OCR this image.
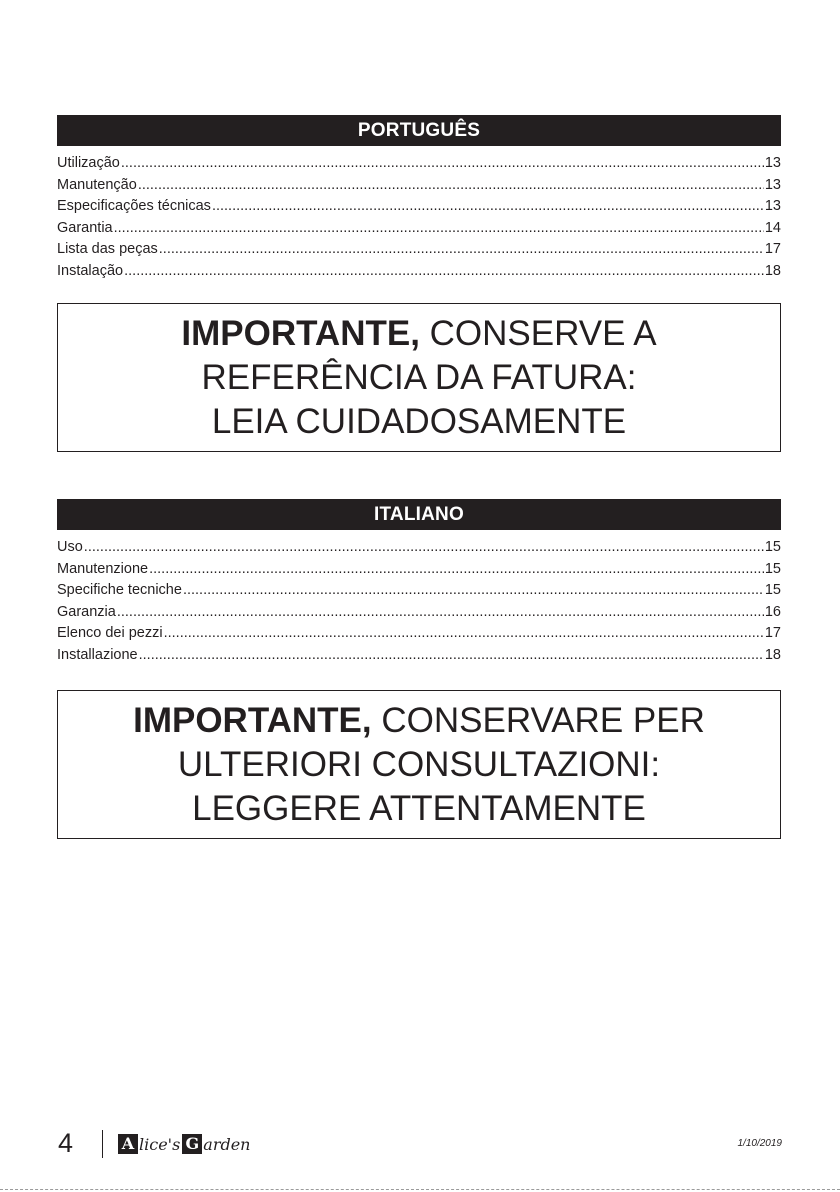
PORTUGUÊS
Utilização .....	13
Manutenção .....	13
Especificações técnicas .....	13
Garantia .....	14
Lista das peças .....	17
Instalação .....	18
IMPORTANTE, CONSERVE A
REFERÊNCIA DA FATURA:
LEIA CUIDADOSAMENTE
ITALIANO
Uso .....	15
Manutenzione .....	15
Specifiche tecniche .....	15
Garanzia .....	16
Elenco dei pezzi .....	17
Installazione .....	18
IMPORTANTE, CONSERVARE PER
ULTERIORI CONSULTAZIONI:
LEGGERE ATTENTAMENTE
4	A lice's G arden	1/10/2019
